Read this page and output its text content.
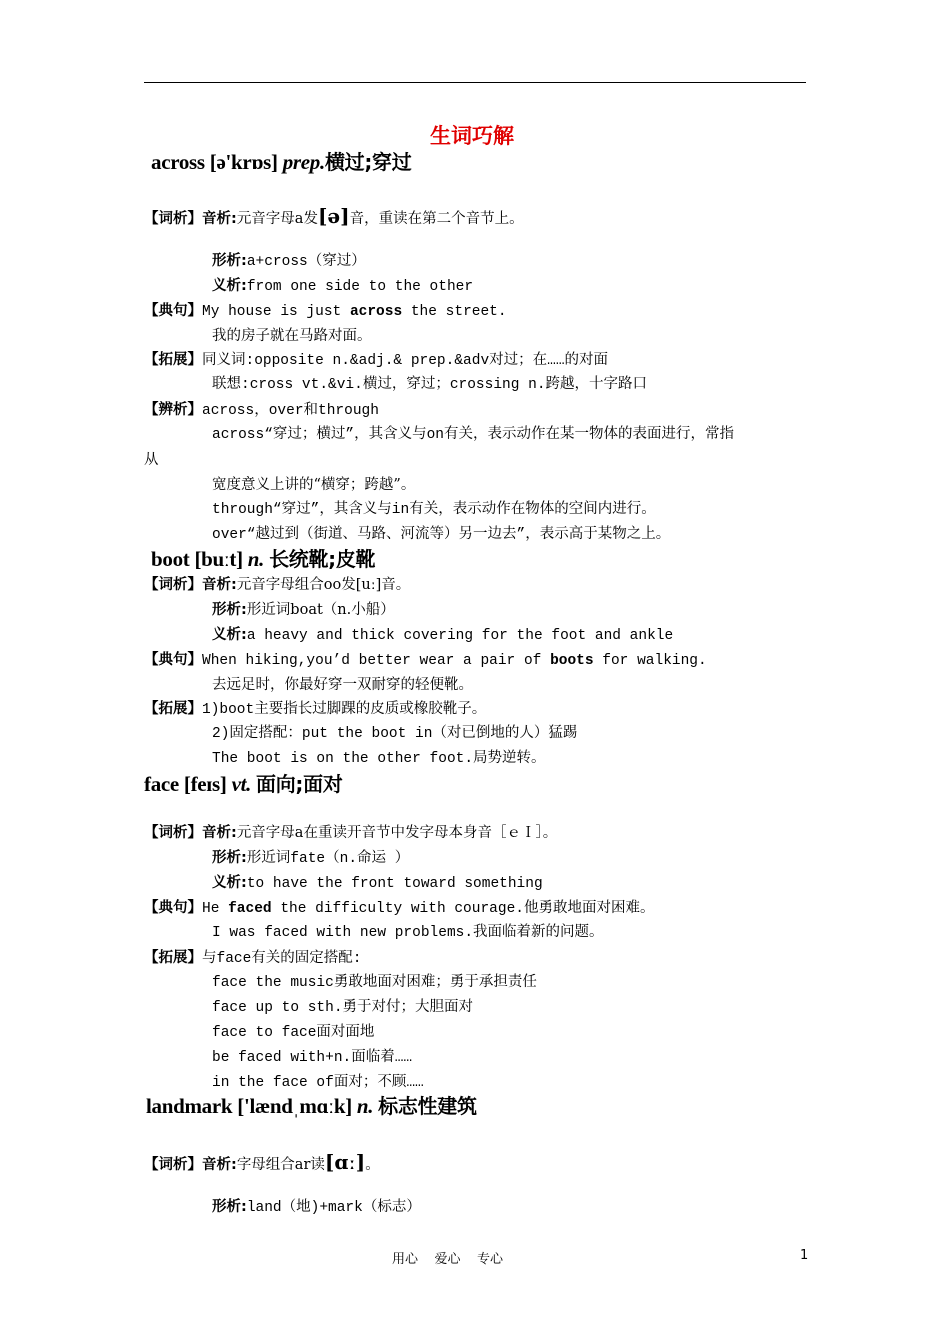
生词巧解
across [ə'krɒs] prep.横过;穿过
【词析】音析:元音字母a发[ə]音，重读在第二个音节上。
形析:a+cross（穿过）
义析:from one side to the other
【典句】My house is just across the street.
我的房子就在马路对面。
【拓展】同义词:opposite n.&adj.& prep.&adv对过；在……的对面
联想:cross vt.&vi.横过，穿过；crossing n.跨越，十字路口
【辨析】across，over和through
across“穿过；横过”，其含义与on有关，表示动作在某一物体的表面进行，常指
从
宽度意义上讲的“横穿；跨越”。
through“穿过”，其含义与in有关，表示动作在物体的空间内进行。
over“越过到（街道、马路、河流等）另一边去”，表示高于某物之上。
boot [buːt] n. 长统靴;皮靴
【词析】音析:元音字母组合oo发[uː]音。
形析:形近词boat（n.小船）
义析:a heavy and thick covering for the foot and ankle
【典句】When hiking,you’d better wear a pair of boots for walking.
去远足时，你最好穿一双耐穿的轻便靴。
【拓展】1)boot主要指长过脚踝的皮质或橡胶靴子。
2)固定搭配：put the boot in（对已倒地的人）猛踢
The boot is on the other foot.局势逆转。
face [feɪs] vt. 面向;面对
【词析】音析:元音字母a在重读开音节中发字母本身音［ｅＩ］。
形析:形近词fate（n.命运 ）
义析:to have the front toward something
【典句】He faced the difficulty with courage.他勇敢地面对困难。
I was faced with new problems.我面临着新的问题。
【拓展】与face有关的固定搭配:
face the music勇敢地面对困难；勇于承担责任
face up to sth.勇于对付；大胆面对
face to face面对面地
be faced with+n.面临着……
in the face of面对；不顾……
landmark ['lændˌmɑːk] n. 标志性建筑
【词析】音析:字母组合ar读[ɑː]。
形析:land（地)+mark（标志）
用心    爱心    专心	1
